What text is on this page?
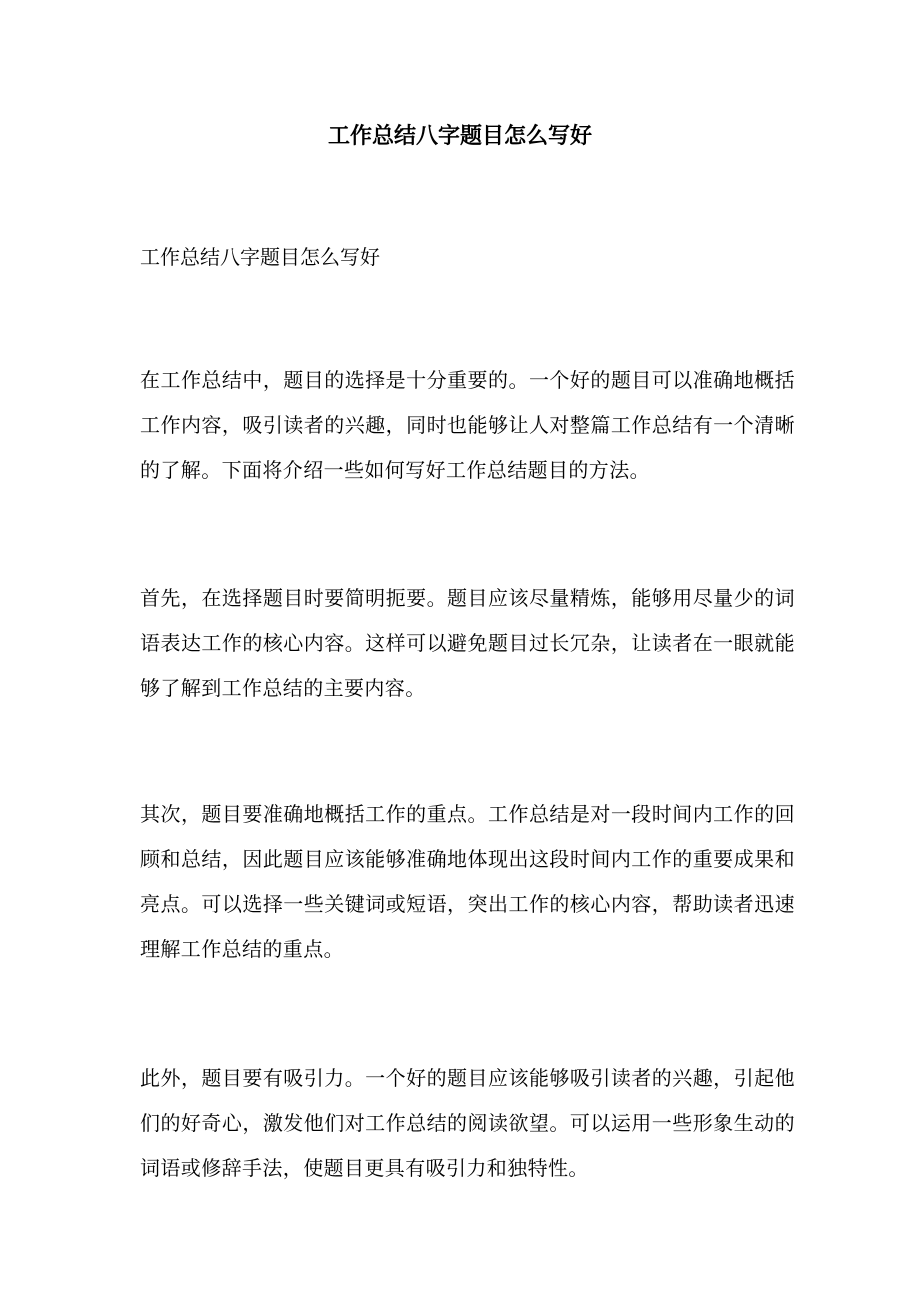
工作总结八字题目怎么写好

工作总结八字题目怎么写好

在工作总结中，题目的选择是十分重要的。一个好的题目可以准确地概括工作内容，吸引读者的兴趣，同时也能够让人对整篇工作总结有一个清晰的了解。下面将介绍一些如何写好工作总结题目的方法。

首先，在选择题目时要简明扼要。题目应该尽量精炼，能够用尽量少的词语表达工作的核心内容。这样可以避免题目过长冗杂，让读者在一眼就能够了解到工作总结的主要内容。

其次，题目要准确地概括工作的重点。工作总结是对一段时间内工作的回顾和总结，因此题目应该能够准确地体现出这段时间内工作的重要成果和亮点。可以选择一些关键词或短语，突出工作的核心内容，帮助读者迅速理解工作总结的重点。

此外，题目要有吸引力。一个好的题目应该能够吸引读者的兴趣，引起他们的好奇心，激发他们对工作总结的阅读欲望。可以运用一些形象生动的词语或修辞手法，使题目更具有吸引力和独特性。
